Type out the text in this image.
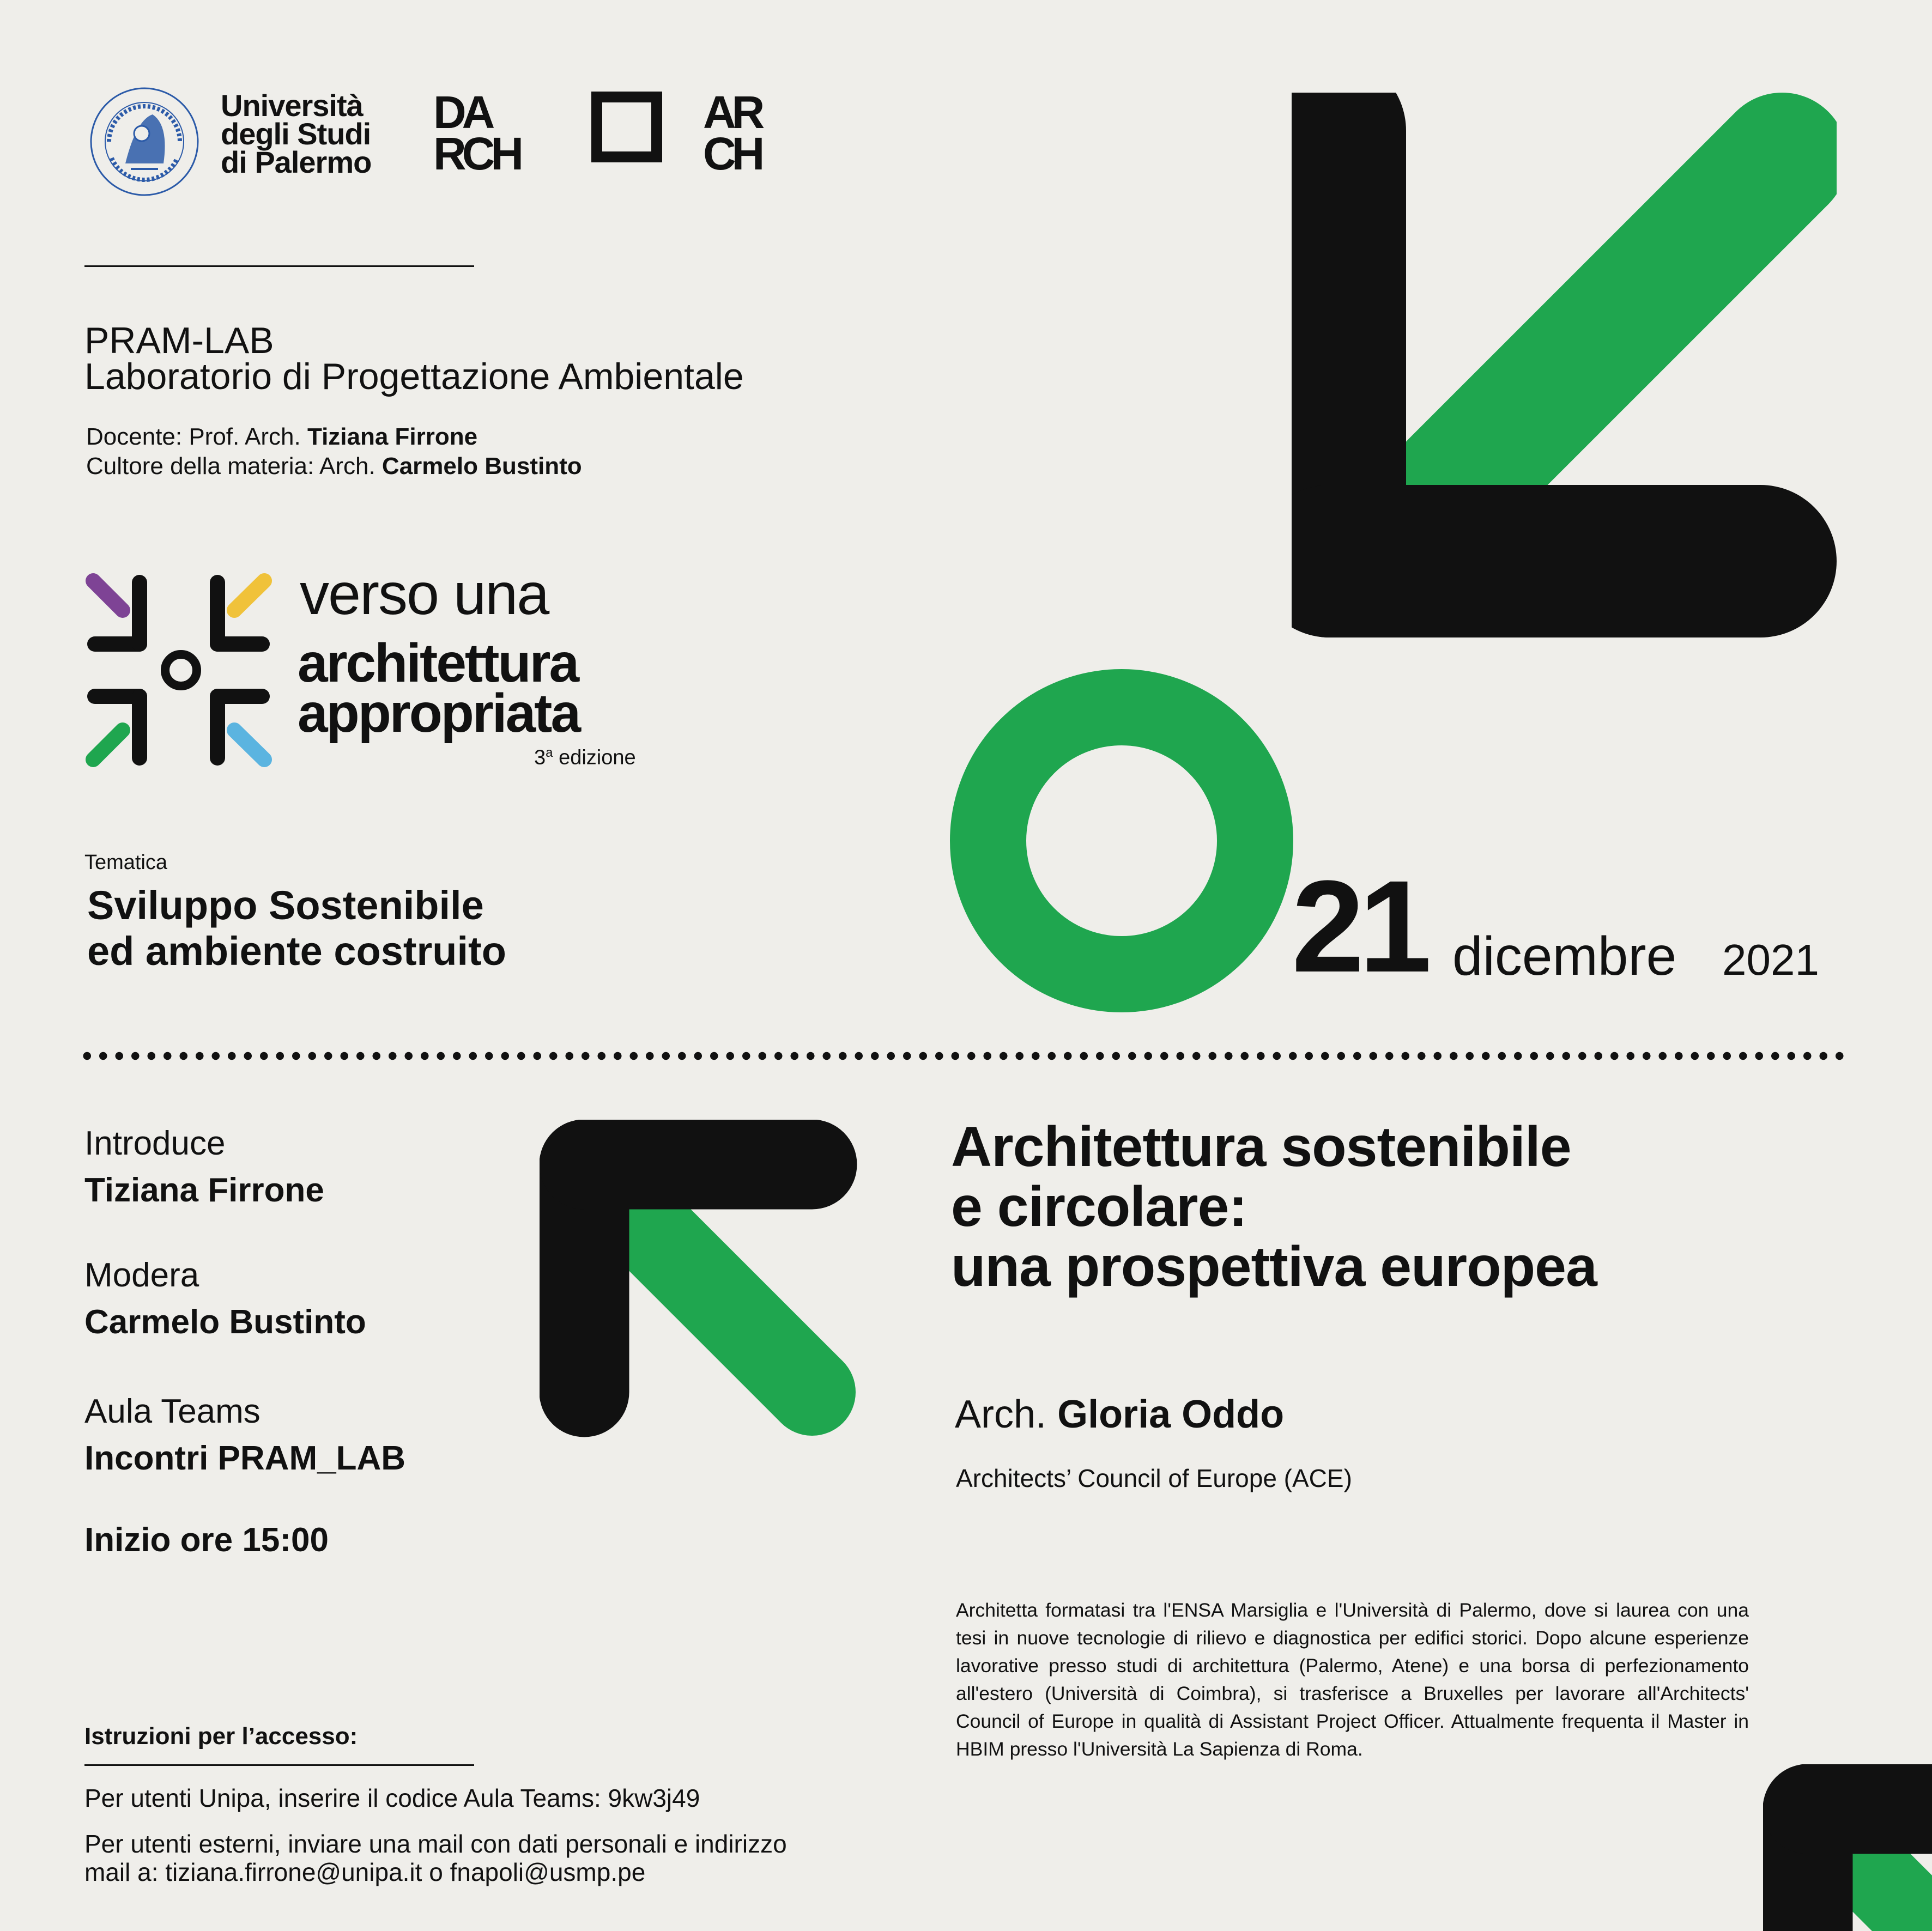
Università
degli Studi
di Palermo
DA
RCH
AR
CH
PRAM-LAB
Laboratorio di Progettazione Ambientale
Docente: Prof. Arch. Tiziana Firrone
Cultore della materia: Arch. Carmelo Bustinto
verso una
architettura
appropriata
3$^a$ edizione
Tematica
Sviluppo Sostenibile
ed ambiente costruito	21 dicembre 2021
Introduce
Tiziana Firrone
Modera
Carmelo Bustinto
Aula Teams
Incontri PRAM_LAB
Inizio ore 15:00
Istruzioni per l’accesso:
Per utenti Unipa, inserire il codice Aula Teams: 9kw3j49
Per utenti esterni, inviare una mail con dati personali e indirizzo
mail a: tiziana.firrone@unipa.it o fnapoli@usmp.pe
Architettura sostenibile
e circolare:
una prospettiva europea
Arch. Gloria Oddo
Architects’ Council of Europe (ACE)
Architetta formatasi tra l'ENSA Marsiglia e l'Università di Palermo, dove si laurea con una tesi in nuove tecnologie di rilievo e diagnostica per edifici storici. Dopo alcune esperienze lavorative presso studi di architettura (Palermo, Atene) e una borsa di perfezionamento all'estero (Università di Coimbra), si trasferisce a Bruxelles per lavorare all'Architects' Council of Europe in qualità di Assistant Project Officer. Attualmente frequenta il Master in HBIM presso l'Università La Sapienza di Roma.
